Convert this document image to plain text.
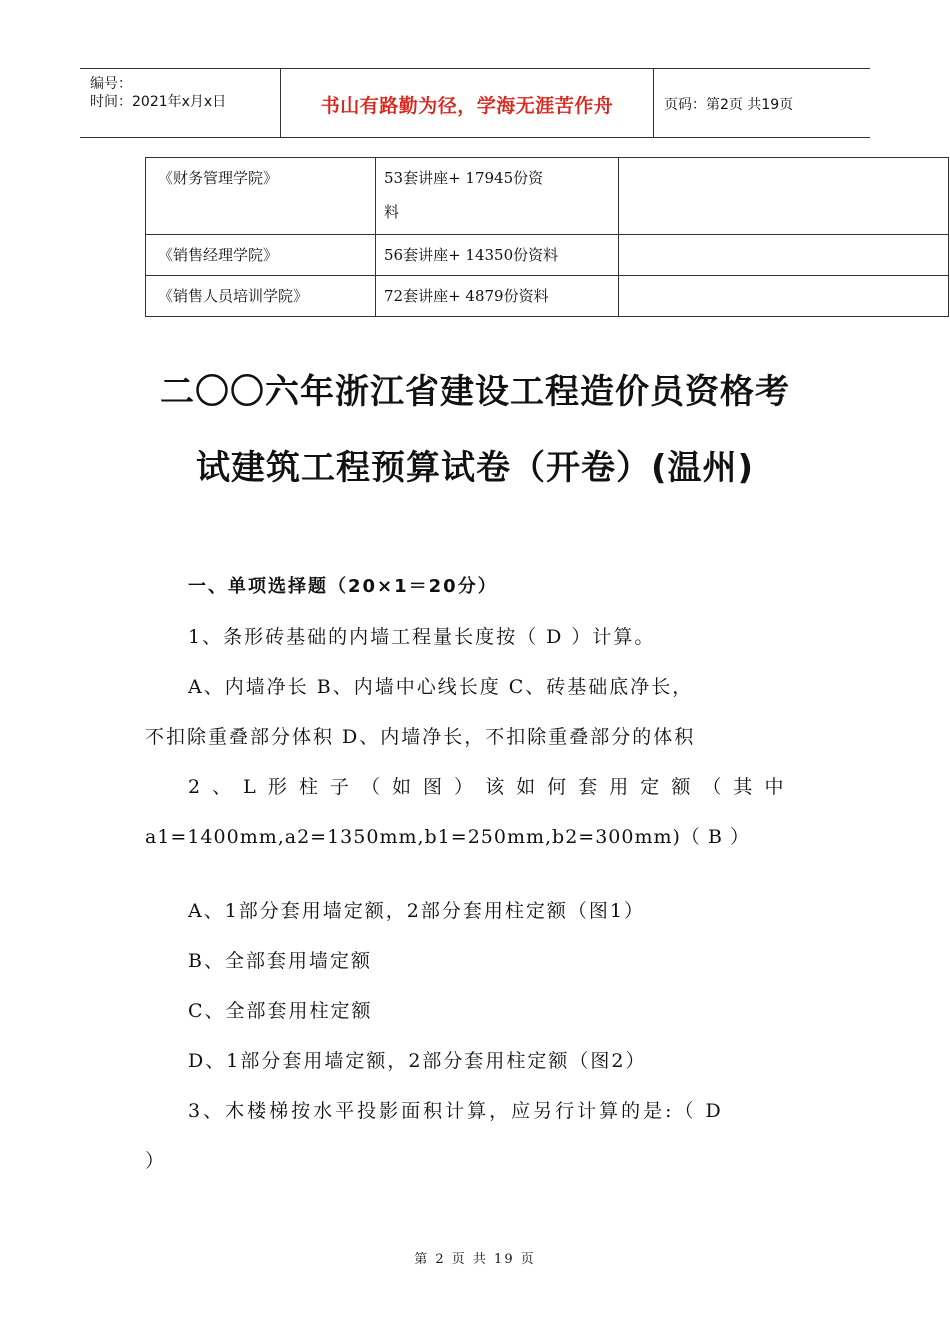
编号：
时间：2021年x月x日	书山有路勤为径，学海无涯苦作舟	页码：第2页 共19页
《财务管理学院》	53套讲座+ 17945份资
料	

《销售经理学院》	56套讲座+ 14350份资料	
《销售人员培训学院》	72套讲座+ 4879份资料	
二〇〇六年浙江省建设工程造价员资格考
试建筑工程预算试卷（开卷）(温州)
一、单项选择题（20×1＝20分）
1、条形砖基础的内墙工程量长度按（ D ）计算。
A、内墙净长 B、内墙中心线长度 C、砖基础底净长，
不扣除重叠部分体积 D、内墙净长，不扣除重叠部分的体积
2 、 L 形 柱 子 （ 如 图 ） 该 如 何 套 用 定 额 （ 其 中
a1=1400mm,a2=1350mm,b1=250mm,b2=300mm)（ B ）
A、1部分套用墙定额，2部分套用柱定额（图1）
B、全部套用墙定额
C、全部套用柱定额
D、1部分套用墙定额，2部分套用柱定额（图2）
3、木楼梯按水平投影面积计算，应另行计算的是:（ D
）
第 2 页 共 19 页
